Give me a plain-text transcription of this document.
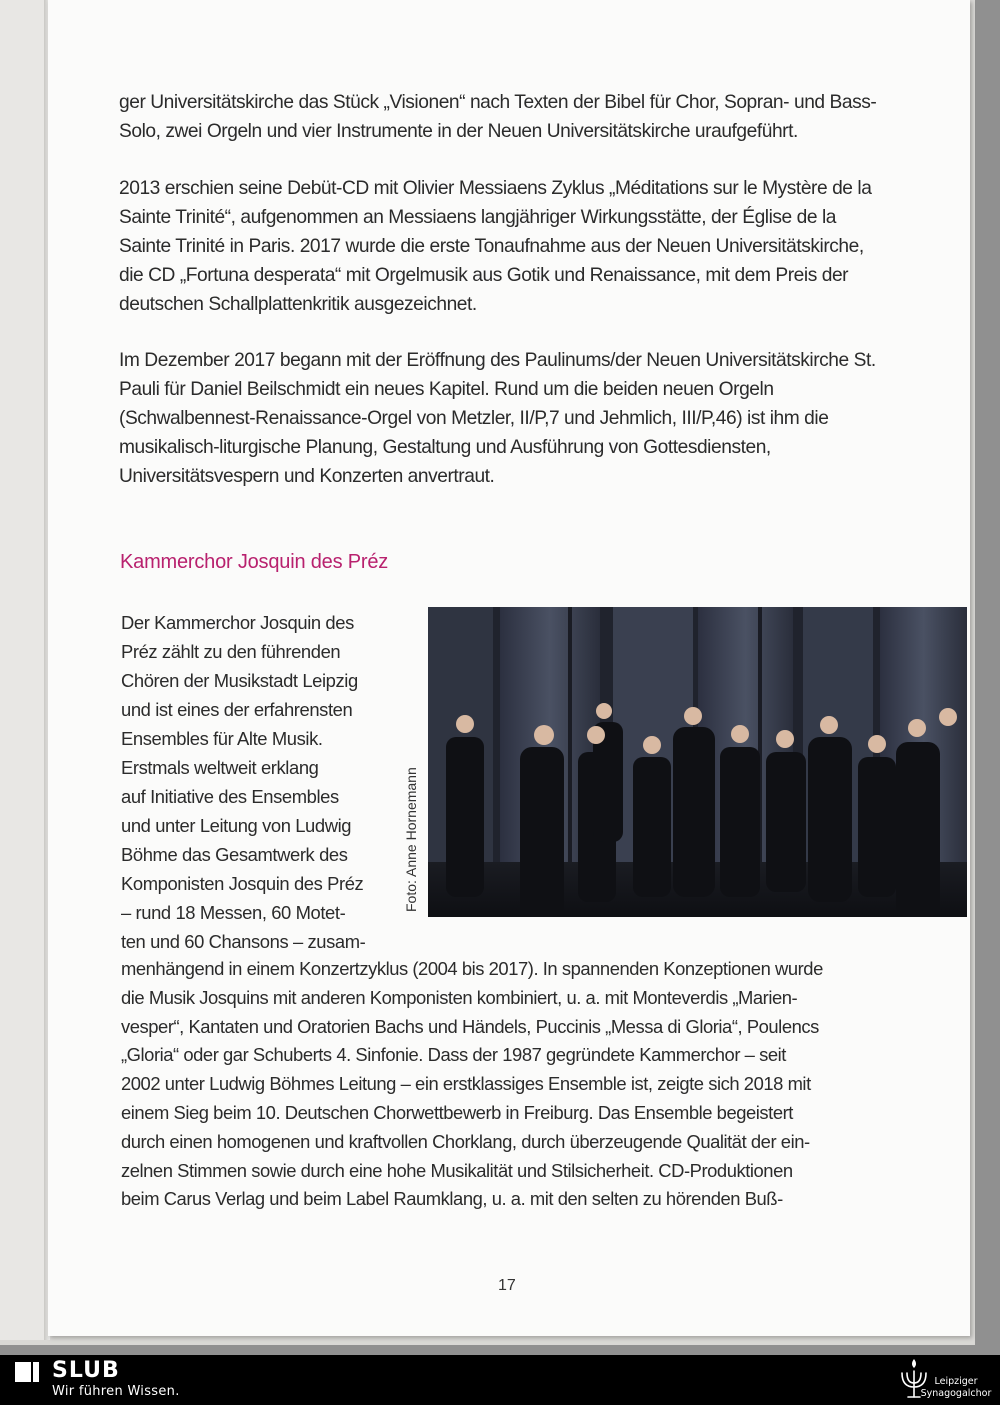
ger Universitätskirche das Stück „Visionen“ nach Texten der Bibel für Chor, Sopran- und Bass-Solo, zwei Orgeln und vier Instrumente in der Neuen Universitätskirche uraufgeführt.

2013 erschien seine Debüt-CD mit Olivier Messiaens Zyklus „Méditations sur le Mystère de la Sainte Trinité“, aufgenommen an Messiaens langjähriger Wirkungsstätte, der Église de la Sainte Trinité in Paris. 2017 wurde die erste Tonaufnahme aus der Neuen Universitätskirche, die CD „Fortuna desperata“ mit Orgelmusik aus Gotik und Renaissance, mit dem Preis der deutschen Schallplattenkritik ausgezeichnet.

Im Dezember 2017 begann mit der Eröffnung des Paulinums/der Neuen Universitätskirche St. Pauli für Daniel Beilschmidt ein neues Kapitel. Rund um die beiden neuen Orgeln (Schwalbennest-Renaissance-Orgel von Metzler, II/P,7 und Jehmlich, III/P,46) ist ihm die musikalisch-liturgische Planung, Gestaltung und Ausführung von Gottesdiensten, Universitätsvespern und Konzerten anvertraut.

Kammerchor Josquin des Préz

Der Kammerchor Josquin des
Préz zählt zu den führenden
Chören der Musikstadt Leipzig
und ist eines der erfahrensten
Ensembles für Alte Musik.
Erstmals weltweit erklang
auf Initiative des Ensembles
und unter Leitung von Ludwig
Böhme das Gesamtwerk des
Komponisten Josquin des Préz
– rund 18 Messen, 60 Motet-
ten und 60 Chansons – zusam-

Foto: Anne Hornemann

menhängend in einem Konzertzyklus (2004 bis 2017). In spannenden Konzeptionen wurde
die Musik Josquins mit anderen Komponisten kombiniert, u. a. mit Monteverdis „Marien-
vesper“, Kantaten und Oratorien Bachs und Händels, Puccinis „Messa di Gloria“, Poulencs
„Gloria“ oder gar Schuberts 4. Sinfonie. Dass der 1987 gegründete Kammerchor – seit
2002 unter Ludwig Böhmes Leitung – ein erstklassiges Ensemble ist, zeigte sich 2018 mit
einem Sieg beim 10. Deutschen Chorwettbewerb in Freiburg. Das Ensemble begeistert
durch einen homogenen und kraftvollen Chorklang, durch überzeugende Qualität der ein-
zelnen Stimmen sowie durch eine hohe Musikalität und Stilsicherheit. CD-Produktionen
beim Carus Verlag und beim Label Raumklang, u. a. mit den selten zu hörenden Buß-

17
SLUB
Wir führen Wissen.
Leipziger
Synagogalchor
